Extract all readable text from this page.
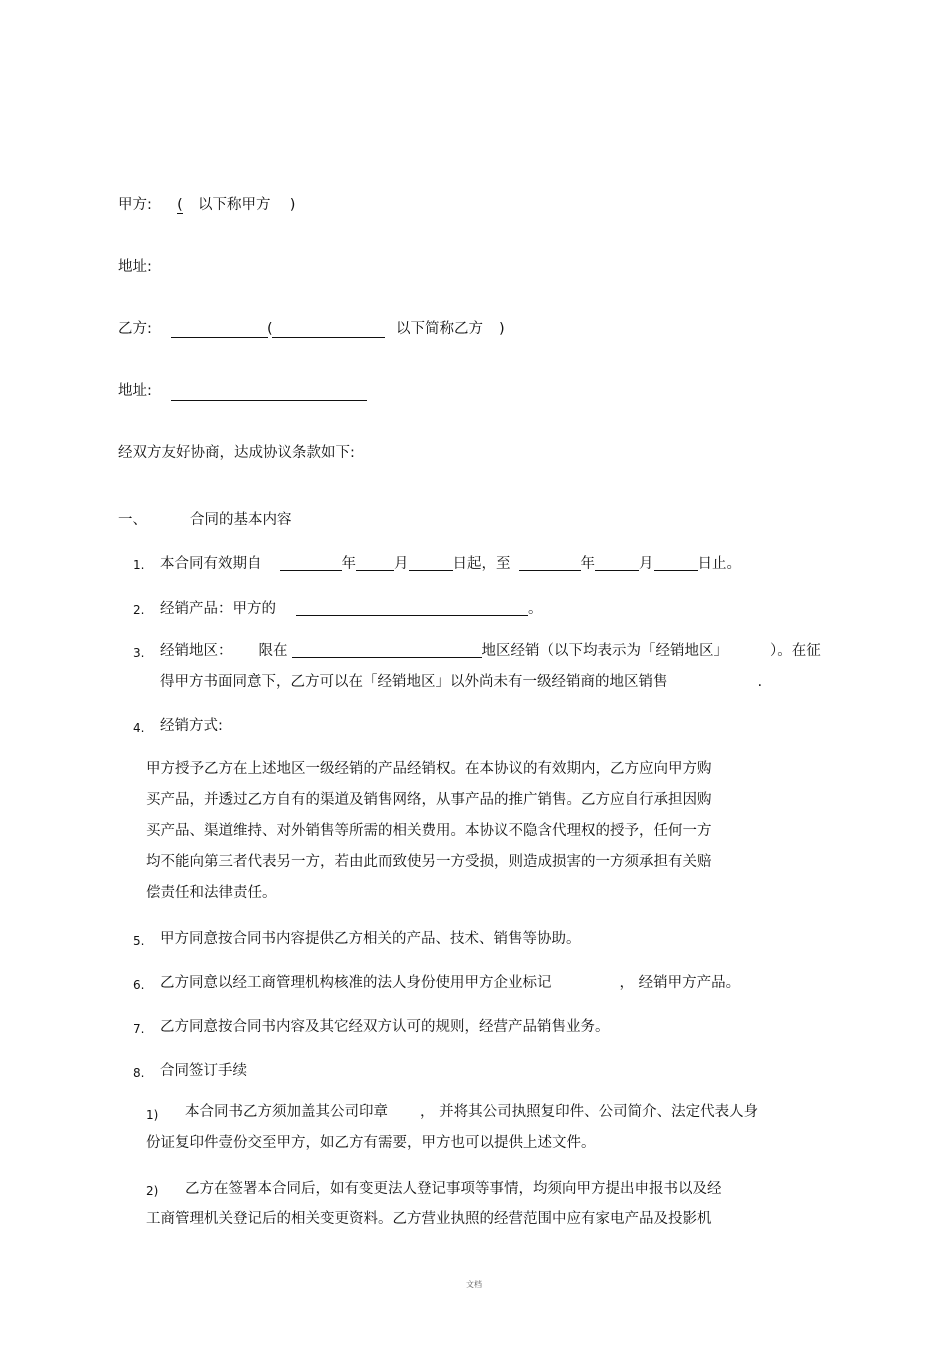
甲方: ( 以下称甲方 )
地址:
乙方:	(	以下简称乙方 )
地址:
经双方友好协商，达成协议条款如下:
一、	合同的基本内容
1. 本合同有效期自	年	月	日起，至	年	月	日止。
2. 经销产品：甲方的	。
3. 经销地区： 限在	地区经销（以下均表示为「经销地区」	）。在征
得甲方书面同意下，乙方可以在「经销地区」以外尚未有一级经销商的地区销售	.
4. 经销方式:
甲方授予乙方在上述地区一级经销的产品经销权。在本协议的有效期内，乙方应向甲方购
买产品，并透过乙方自有的渠道及销售网络，从事产品的推广销售。乙方应自行承担因购
买产品、渠道维持、对外销售等所需的相关费用。本协议不隐含代理权的授予，任何一方
均不能向第三者代表另一方，若由此而致使另一方受损，则造成损害的一方须承担有关赔
偿责任和法律责任。
5. 甲方同意按合同书内容提供乙方相关的产品、技术、销售等协助。
6. 乙方同意以经工商管理机构核准的法人身份使用甲方企业标记	， 经销甲方产品。
7. 乙方同意按合同书内容及其它经双方认可的规则，经营产品销售业务。
8. 合同签订手续
1) 本合同书乙方须加盖其公司印章 ， 并将其公司执照复印件、公司简介、法定代表人身
份证复印件壹份交至甲方，如乙方有需要，甲方也可以提供上述文件。
2) 乙方在签署本合同后，如有变更法人登记事项等事情，均须向甲方提出申报书以及经
工商管理机关登记后的相关变更资料。乙方营业执照的经营范围中应有家电产品及投影机
文档
